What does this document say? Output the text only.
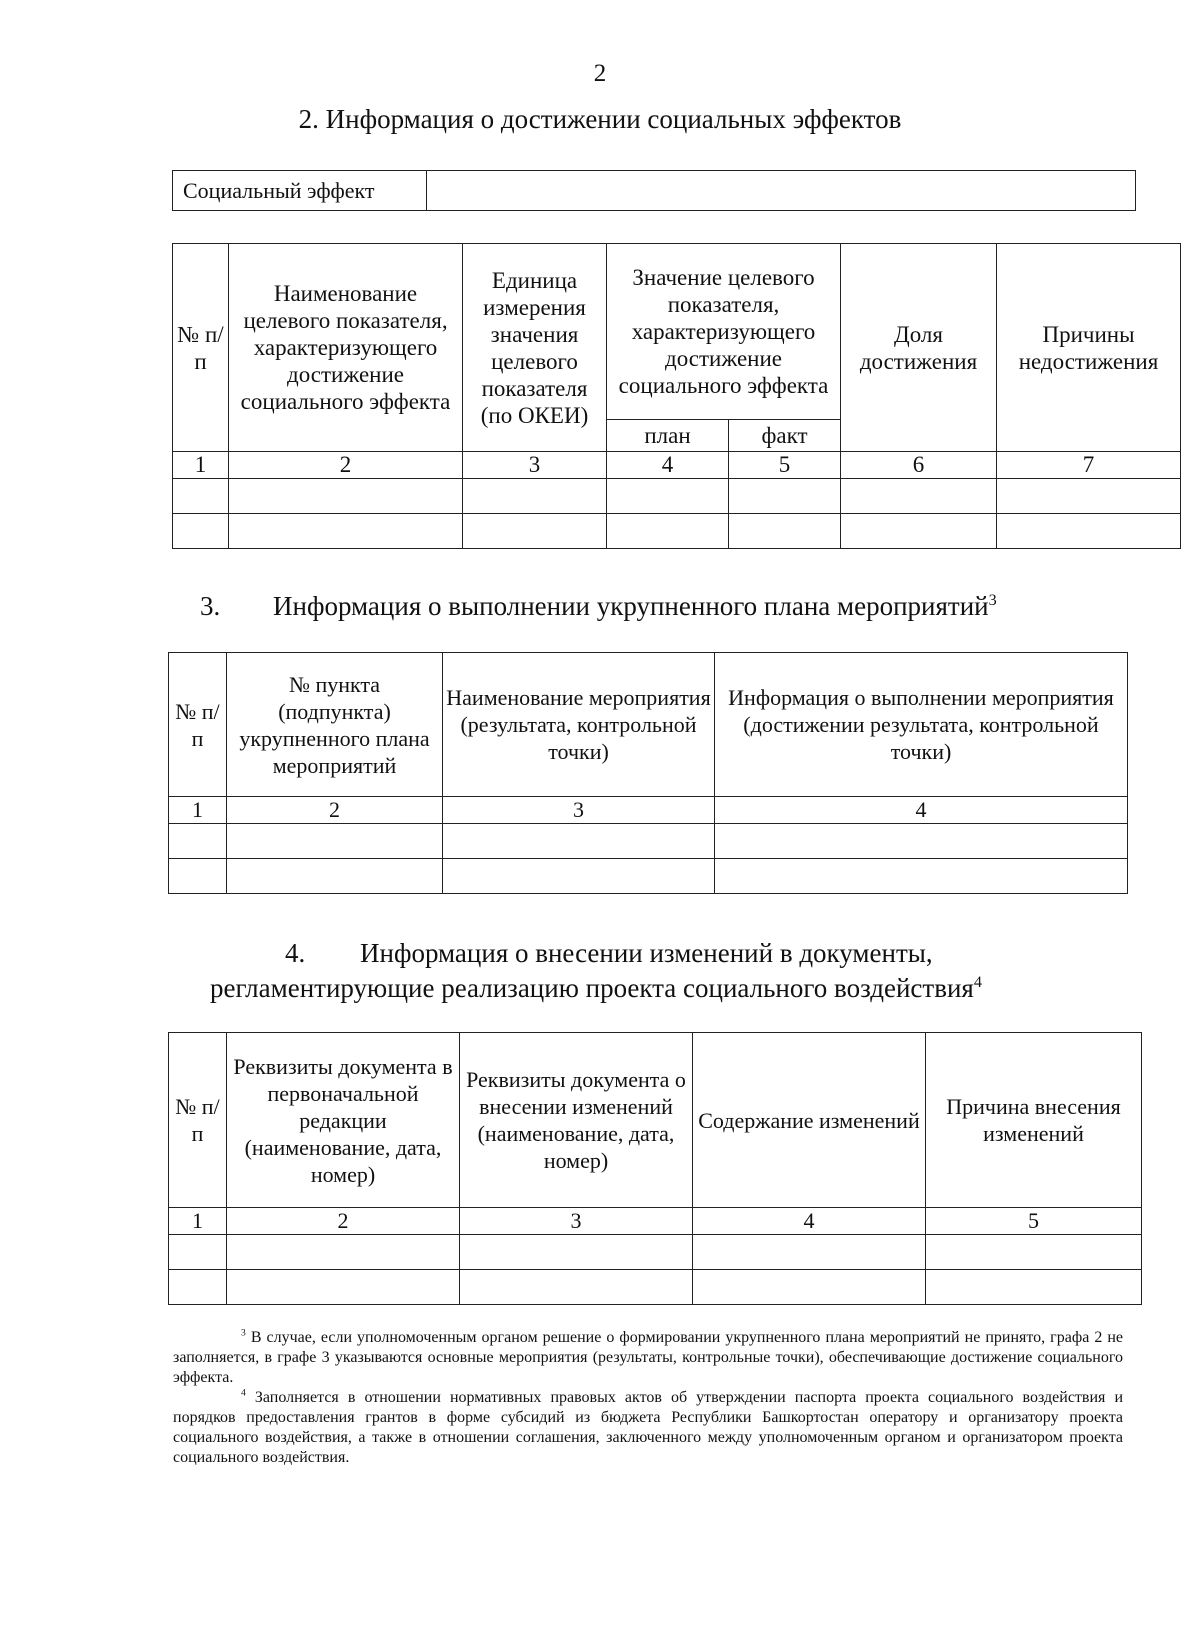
2
2. Информация о достижении социальных эффектов
Социальный эффект	
№ п/п	Наименование целевого показателя, характеризующего достижение социального эффекта	Единица измерения значения целевого показателя (по ОКЕИ)	Значение целевого показателя, характеризующего достижение социального эффекта		Доля достижения	Причины недостижения
			план	факт		
1	2	3	4	5	6	7

3. Информация о выполнении укрупненного плана мероприятий$^3$
№ п/п	№ пункта (подпункта) укрупненного плана мероприятий	Наименование мероприятия (результата, контрольной точки)	Информация о выполнении мероприятия (достижении результата, контрольной точки)
1	2	3	4

4. Информация о внесении изменений в документы,
регламентирующие реализацию проекта социального воздействия$^4$
№ п/п	Реквизиты документа в первоначальной редакции (наименование, дата, номер)	Реквизиты документа о внесении изменений (наименование, дата, номер)	Содержание изменений	Причина внесения изменений
1	2	3	4	5

$^3$ В случае, если уполномоченным органом решение о формировании укрупненного плана мероприятий не принято, графа 2 не заполняется, в графе 3 указываются основные мероприятия (результаты, контрольные точки), обеспечивающие достижение социального эффекта.

$^4$ Заполняется в отношении нормативных правовых актов об утверждении паспорта проекта социального воздействия и порядков предоставления грантов в форме субсидий из бюджета Республики Башкортостан оператору и организатору проекта социального воздействия, а также в отношении соглашения, заключенного между уполномоченным органом и организатором проекта социального воздействия.
